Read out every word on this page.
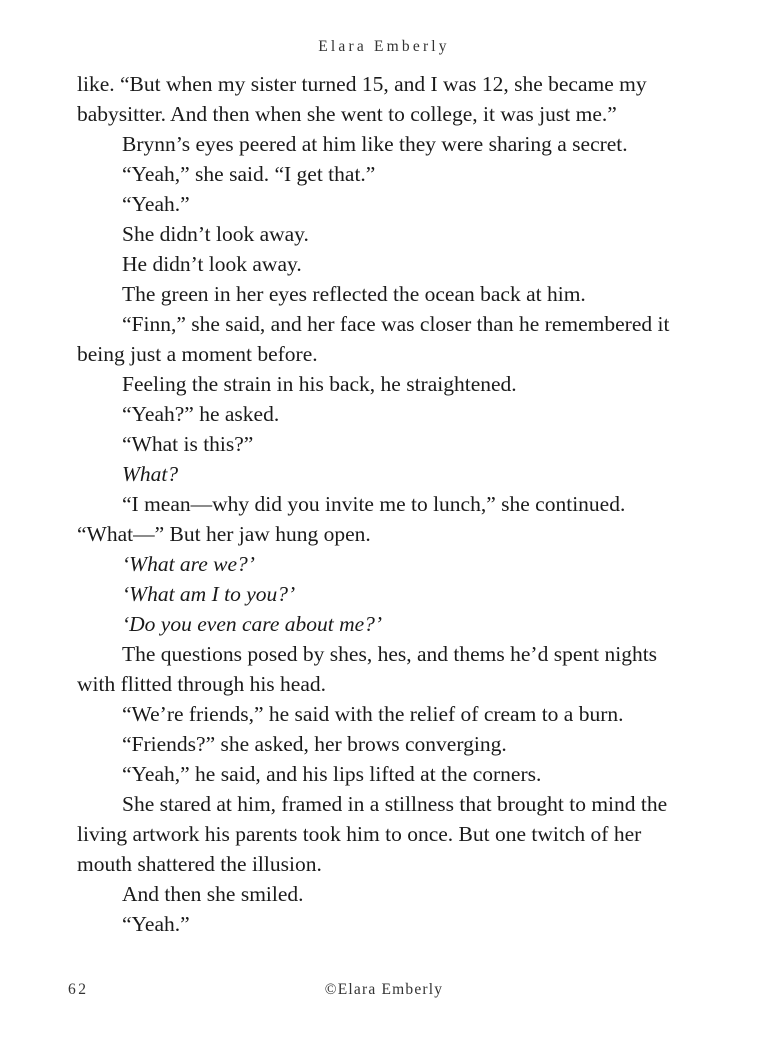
Elara Emberly

like. “But when my sister turned 15, and I was 12, she became my babysitter. And then when she went to college, it was just me.”

Brynn’s eyes peered at him like they were sharing a secret.

“Yeah,” she said. “I get that.”

“Yeah.”

She didn’t look away.

He didn’t look away.

The green in her eyes reflected the ocean back at him.

“Finn,” she said, and her face was closer than he remembered it being just a moment before.

Feeling the strain in his back, he straightened.

“Yeah?” he asked.

“What is this?”

What?

“I mean—why did you invite me to lunch,” she continued.

“What—” But her jaw hung open.

‘What are we?’

‘What am I to you?’

‘Do you even care about me?’

The questions posed by shes, hes, and thems he’d spent nights with flitted through his head.

“We’re friends,” he said with the relief of cream to a burn.

“Friends?” she asked, her brows converging.

“Yeah,” he said, and his lips lifted at the corners.

She stared at him, framed in a stillness that brought to mind the living artwork his parents took him to once. But one twitch of her mouth shattered the illusion.

And then she smiled.

“Yeah.”

62	©Elara Emberly
